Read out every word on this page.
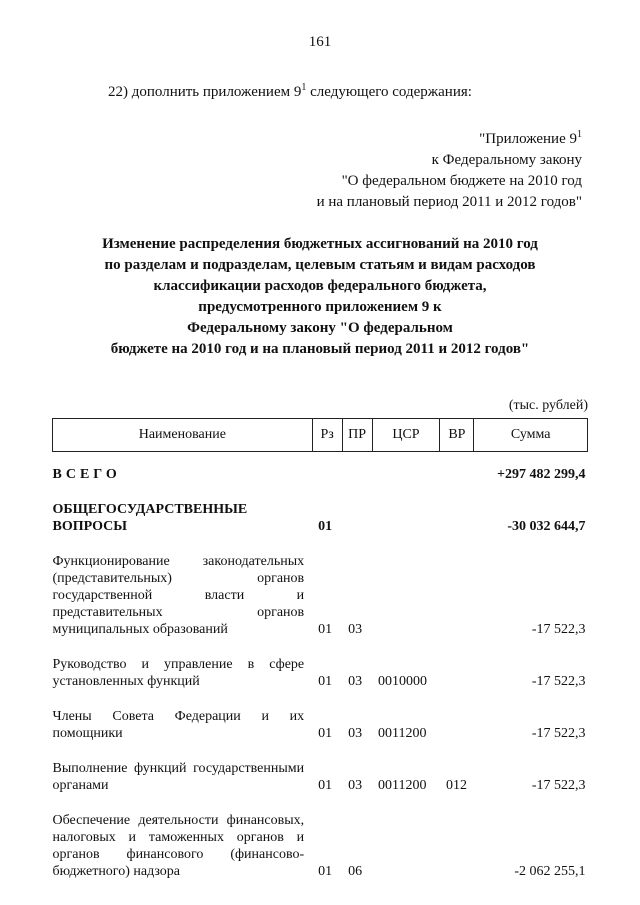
161
22) дополнить приложением $9^1$ следующего содержания:
"Приложение $9^1$
к Федеральному закону
"О федеральном бюджете на 2010 год
и на плановый период 2011 и 2012 годов"
Изменение распределения бюджетных ассигнований на 2010 год
по разделам и подразделам, целевым статьям и видам расходов
классификации расходов федерального бюджета,
предусмотренного приложением 9 к
Федеральному закону "О федеральном
бюджете на 2010 год и на плановый период 2011 и 2012 годов"
(тыс. рублей)
Наименование	Рз	ПР	ЦСР	ВР	Сумма
ВСЕГО					+297 482 299,4
ОБЩЕГОСУДАРСТВЕННЫЕ ВОПРОСЫ	01				-30 032 644,7
Функционирование законодательных (представительных) органов государственной власти и представительных органов муниципальных образований	01	03			-17 522,3
Руководство и управление в сфере установленных функций	01	03	0010000		-17 522,3
Члены Совета Федерации и их помощники	01	03	0011200		-17 522,3
Выполнение функций государственными органами	01	03	0011200	012	-17 522,3
Обеспечение деятельности финансовых, налоговых и таможенных органов и органов финансового (финансово-бюджетного) надзора	01	06			-2 062 255,1
